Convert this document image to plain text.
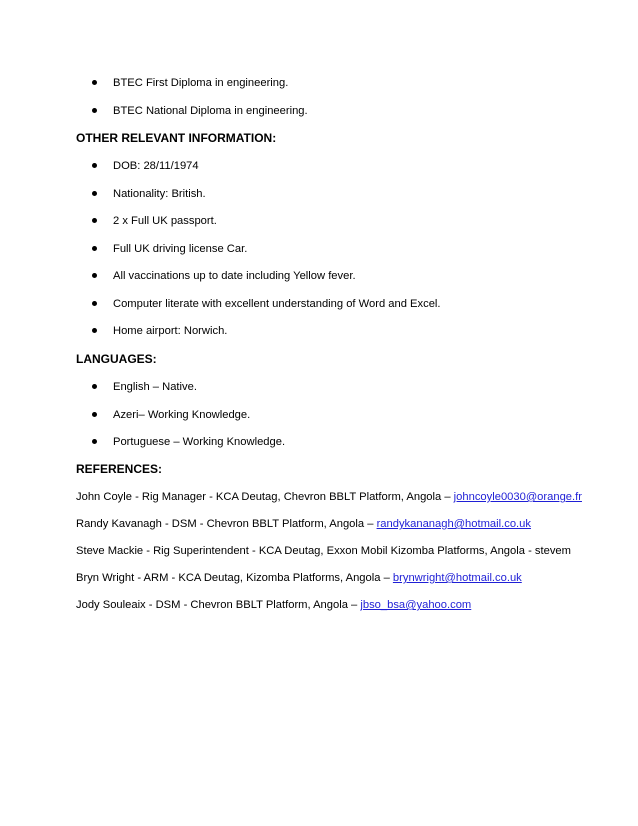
BTEC First Diploma in engineering.
BTEC National Diploma in engineering.
OTHER RELEVANT INFORMATION:
DOB: 28/11/1974
Nationality: British.
2 x Full UK passport.
Full UK driving license Car.
All vaccinations up to date including Yellow fever.
Computer literate with excellent understanding of Word and Excel.
Home airport: Norwich.
LANGUAGES:
English – Native.
Azeri– Working Knowledge.
Portuguese – Working Knowledge.
REFERENCES:
John Coyle - Rig Manager - KCA Deutag, Chevron BBLT Platform, Angola – johncoyle0030@orange.fr
Randy Kavanagh - DSM - Chevron BBLT Platform, Angola – randykananagh@hotmail.co.uk
Steve Mackie - Rig Superintendent - KCA Deutag, Exxon Mobil Kizomba Platforms, Angola - stevem
Bryn Wright - ARM - KCA Deutag, Kizomba Platforms, Angola – brynwright@hotmail.co.uk
Jody Souleaix - DSM - Chevron BBLT Platform, Angola – jbso_bsa@yahoo.com
